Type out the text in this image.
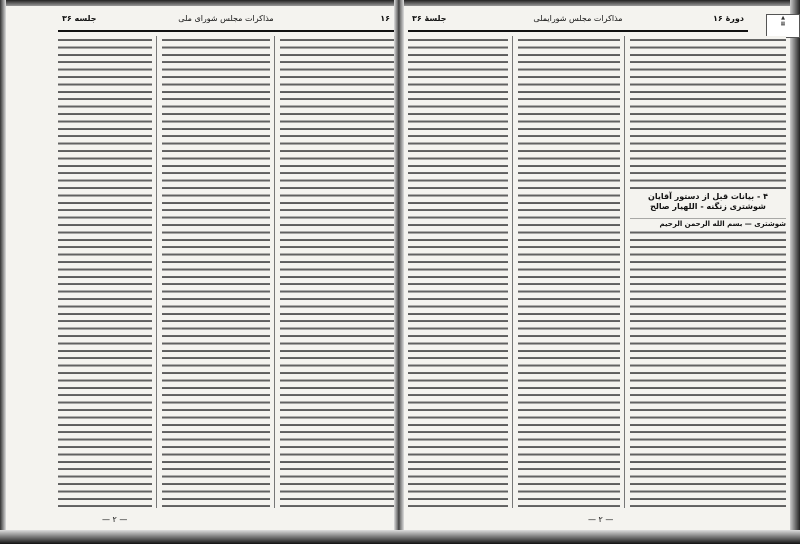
۱۶
مذاکرات مجلس شورای ملی
جلسه ۳۶
— ۲ —
▲
▦
دورهٔ ۱۶
مذاكرات مجلس شورايملی
جلسهٔ ۳۶
۴ - بیانات قبل از دستور آقایان شوشتری زنگنه - اللهیار صالح
شوشتری — بسم الله الرحمن الرحیم
— ۲ —
